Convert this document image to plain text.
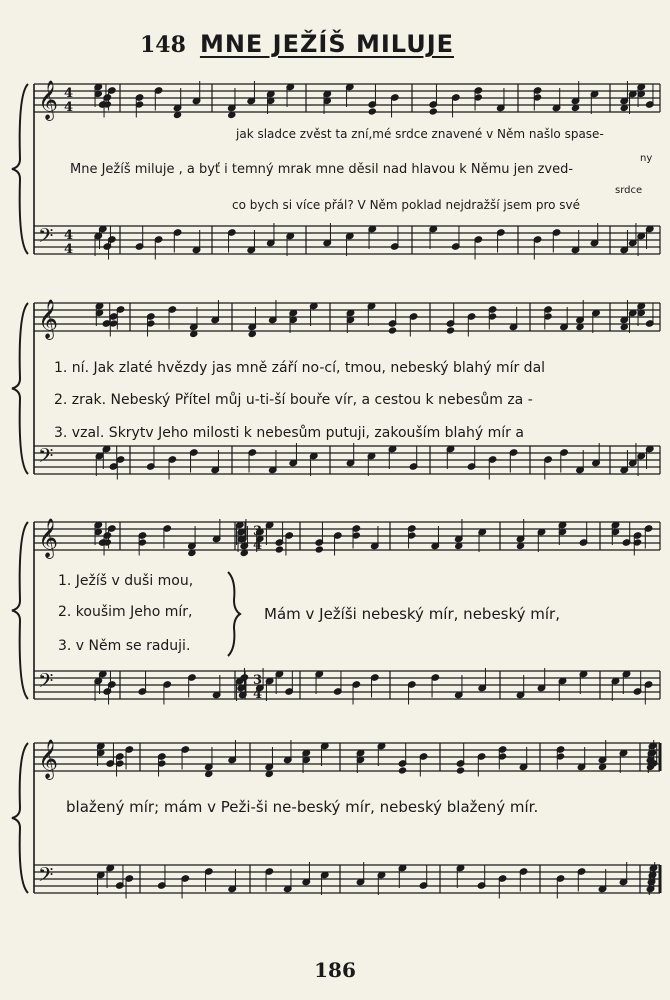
148 MNE JEŽÍŠ MILUJE
𝄞 4
4
𝄢 4
4
𝄞
𝄢
𝄞	3
4
𝄢	3
4
𝄞
𝄢
jak sladce zvěst ta zní,mé srdce znavené v Něm našlo spase-
ny
Mne Ježíš miluje , a byť i temný mrak mne děsil nad hlavou k Němu jen zved-
srdce
co bych si více přál? V Něm poklad nejdražší jsem pro své
1. ní. Jak zlaté hvězdy jas mně září no-cí, tmou, nebeský blahý mír dal
2. zrak. Nebeský Přítel můj u-ti-ší bouře vír, a cestou k nebesům za -
3. vzal. Skrytv Jeho milosti k nebesům putuji, zakouším blahý mír a
1. Ježíš v duši mou,
2. koušim Jeho mír,
3. v Něm se raduji.
Mám v Ježíši nebeský mír, nebeský mír,
blažený mír; mám v Peži-ši ne-beský mír, nebeský blažený mír.
186
